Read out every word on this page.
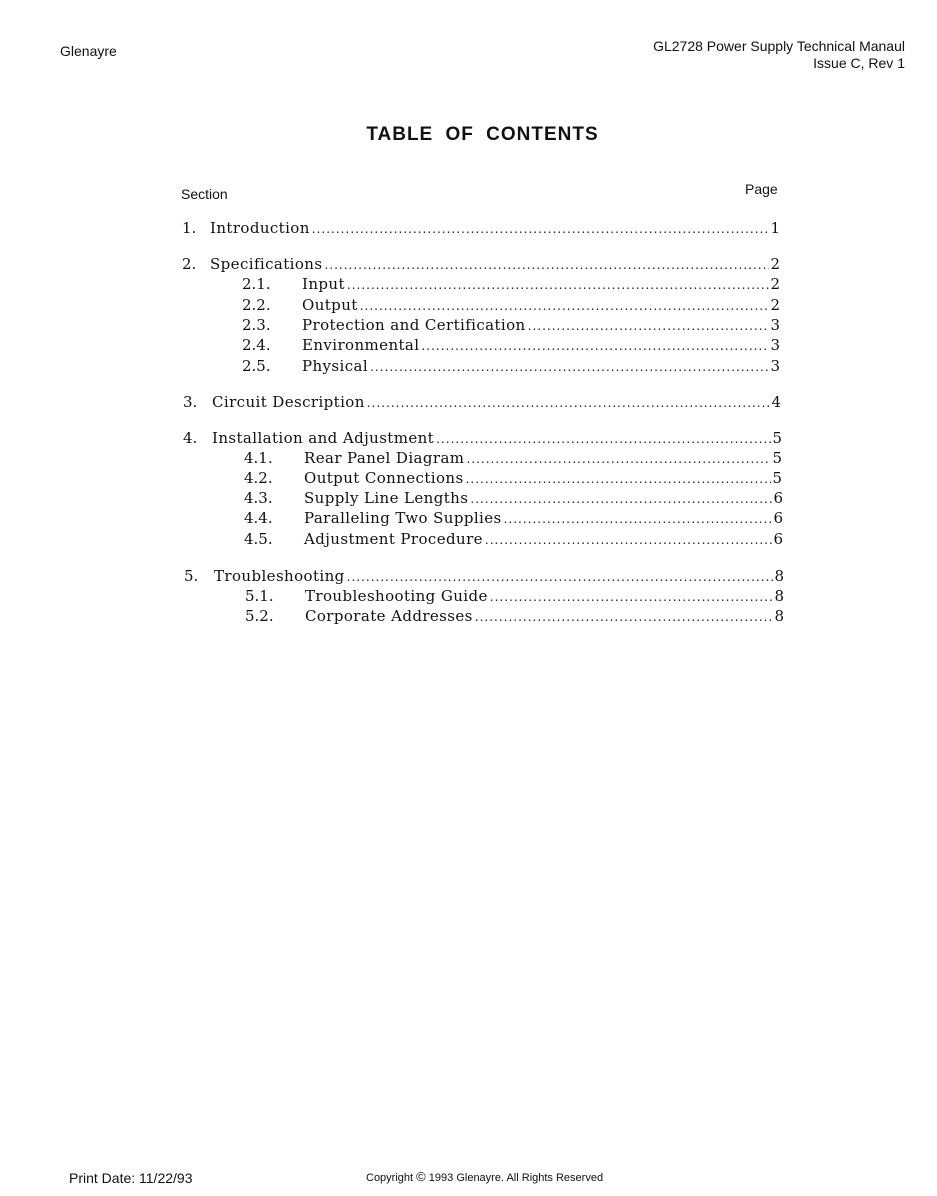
Glenayre	GL2728 Power Supply Technical Manaul
Issue C, Rev 1
TABLE OF CONTENTS
Section	Page
1. Introduction .....	1
2. Specifications .....	2
2.1.	Input .....	2
2.2.	Output .....	2
2.3.	Protection and Certification .....	3
2.4.	Environmental .....	3
2.5.	Physical .....	3
3. Circuit Description .....	4
4. Installation and Adjustment .....	5
4.1.	Rear Panel Diagram .....	5
4.2.	Output Connections .....	5
4.3.	Supply Line Lengths .....	6
4.4.	Paralleling Two Supplies .....	6
4.5.	Adjustment Procedure .....	6
5.	Troubleshooting .....	8
5.1.	Troubleshooting Guide .....	8
5.2.	Corporate Addresses .....	8
Print Date: 11/22/93	Copyright © 1993 Glenayre. All Rights Reserved
